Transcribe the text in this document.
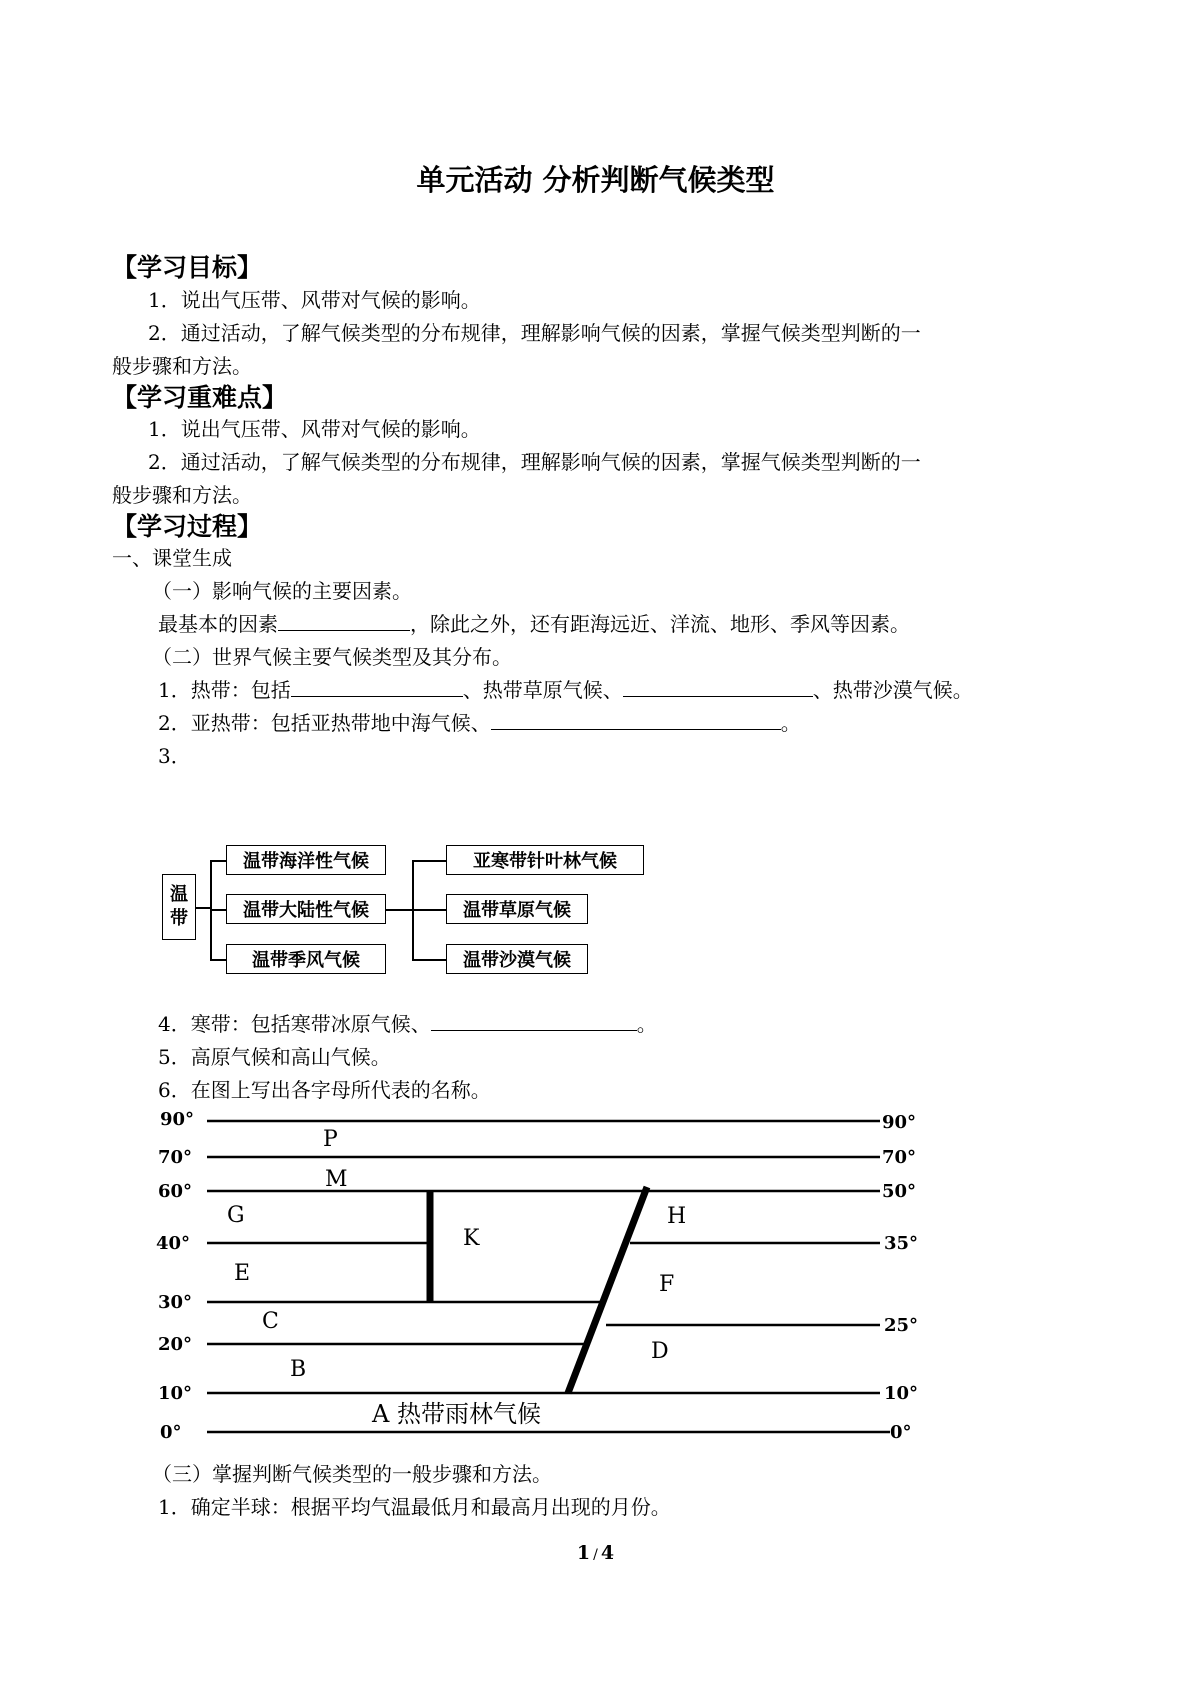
单元活动 分析判断气候类型
【学习目标】
1．说出气压带、风带对气候的影响。
2．通过活动，了解气候类型的分布规律，理解影响气候的因素，掌握气候类型判断的一
般步骤和方法。
【学习重难点】
1．说出气压带、风带对气候的影响。
2．通过活动，了解气候类型的分布规律，理解影响气候的因素，掌握气候类型判断的一
般步骤和方法。
【学习过程】
一、课堂生成
（一）影响气候的主要因素。
最基本的因素	，除此之外，还有距海远近、洋流、地形、季风等因素。
（二）世界气候主要气候类型及其分布。
1．热带：包括	、热带草原气候、	、热带沙漠气候。
2．亚热带：包括亚热带地中海气候、	。
3．
温
带
温带海洋性气候
温带大陆性气候
温带季风气候
亚寒带针叶林气候
温带草原气候
温带沙漠气候
4．寒带：包括寒带冰原气候、	。
5．高原气候和高山气候。
6．在图上写出各字母所代表的名称。
90°
70°
60°
40°
30°
20°
10°
0°
90°
70°
50°
35°
25°
10°
0°
P
M
G
E
C
B
K
H
F
D
A 热带雨林气候
（三）掌握判断气候类型的一般步骤和方法。
1．确定半球：根据平均气温最低月和最高月出现的月份。
1 / 4
